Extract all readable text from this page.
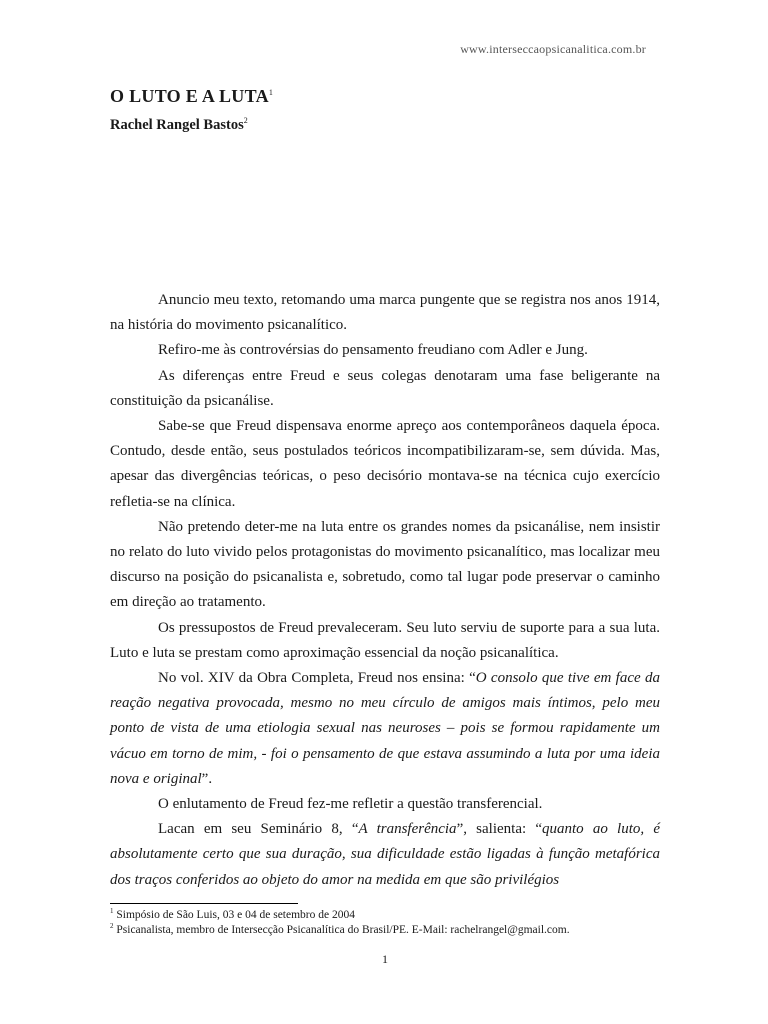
www.interseccaopsicanalitica.com.br
O LUTO E A LUTA$^1$
Rachel Rangel Bastos$^2$

Anuncio meu texto, retomando uma marca pungente que se registra nos anos 1914, na história do movimento psicanalítico.

Refiro-me às controvérsias do pensamento freudiano com Adler e Jung.

As diferenças entre Freud e seus colegas denotaram uma fase beligerante na constituição da psicanálise.

Sabe-se que Freud dispensava enorme apreço aos contemporâneos daquela época. Contudo, desde então, seus postulados teóricos incompatibilizaram-se, sem dúvida. Mas, apesar das divergências teóricas, o peso decisório montava-se na técnica cujo exercício refletia-se na clínica.

Não pretendo deter-me na luta entre os grandes nomes da psicanálise, nem insistir no relato do luto vivido pelos protagonistas do movimento psicanalítico, mas localizar meu discurso na posição do psicanalista e, sobretudo, como tal lugar pode preservar o caminho em direção ao tratamento.

Os pressupostos de Freud prevaleceram. Seu luto serviu de suporte para a sua luta. Luto e luta se prestam como aproximação essencial da noção psicanalítica.

No vol. XIV da Obra Completa, Freud nos ensina: “O consolo que tive em face da reação negativa provocada, mesmo no meu círculo de amigos mais íntimos, pelo meu ponto de vista de uma etiologia sexual nas neuroses – pois se formou rapidamente um vácuo em torno de mim, - foi o pensamento de que estava assumindo a luta por uma ideia nova e original”.

O enlutamento de Freud fez-me refletir a questão transferencial.

Lacan em seu Seminário 8, “A transferência”, salienta: “quanto ao luto, é absolutamente certo que sua duração, sua dificuldade estão ligadas à função metafórica dos traços conferidos ao objeto do amor na medida em que são privilégios

$^1$ Simpósio de São Luis, 03 e 04 de setembro de 2004
$^2$ Psicanalista, membro de Intersecção Psicanalítica do Brasil/PE. E-Mail: rachelrangel@gmail.com.
1
